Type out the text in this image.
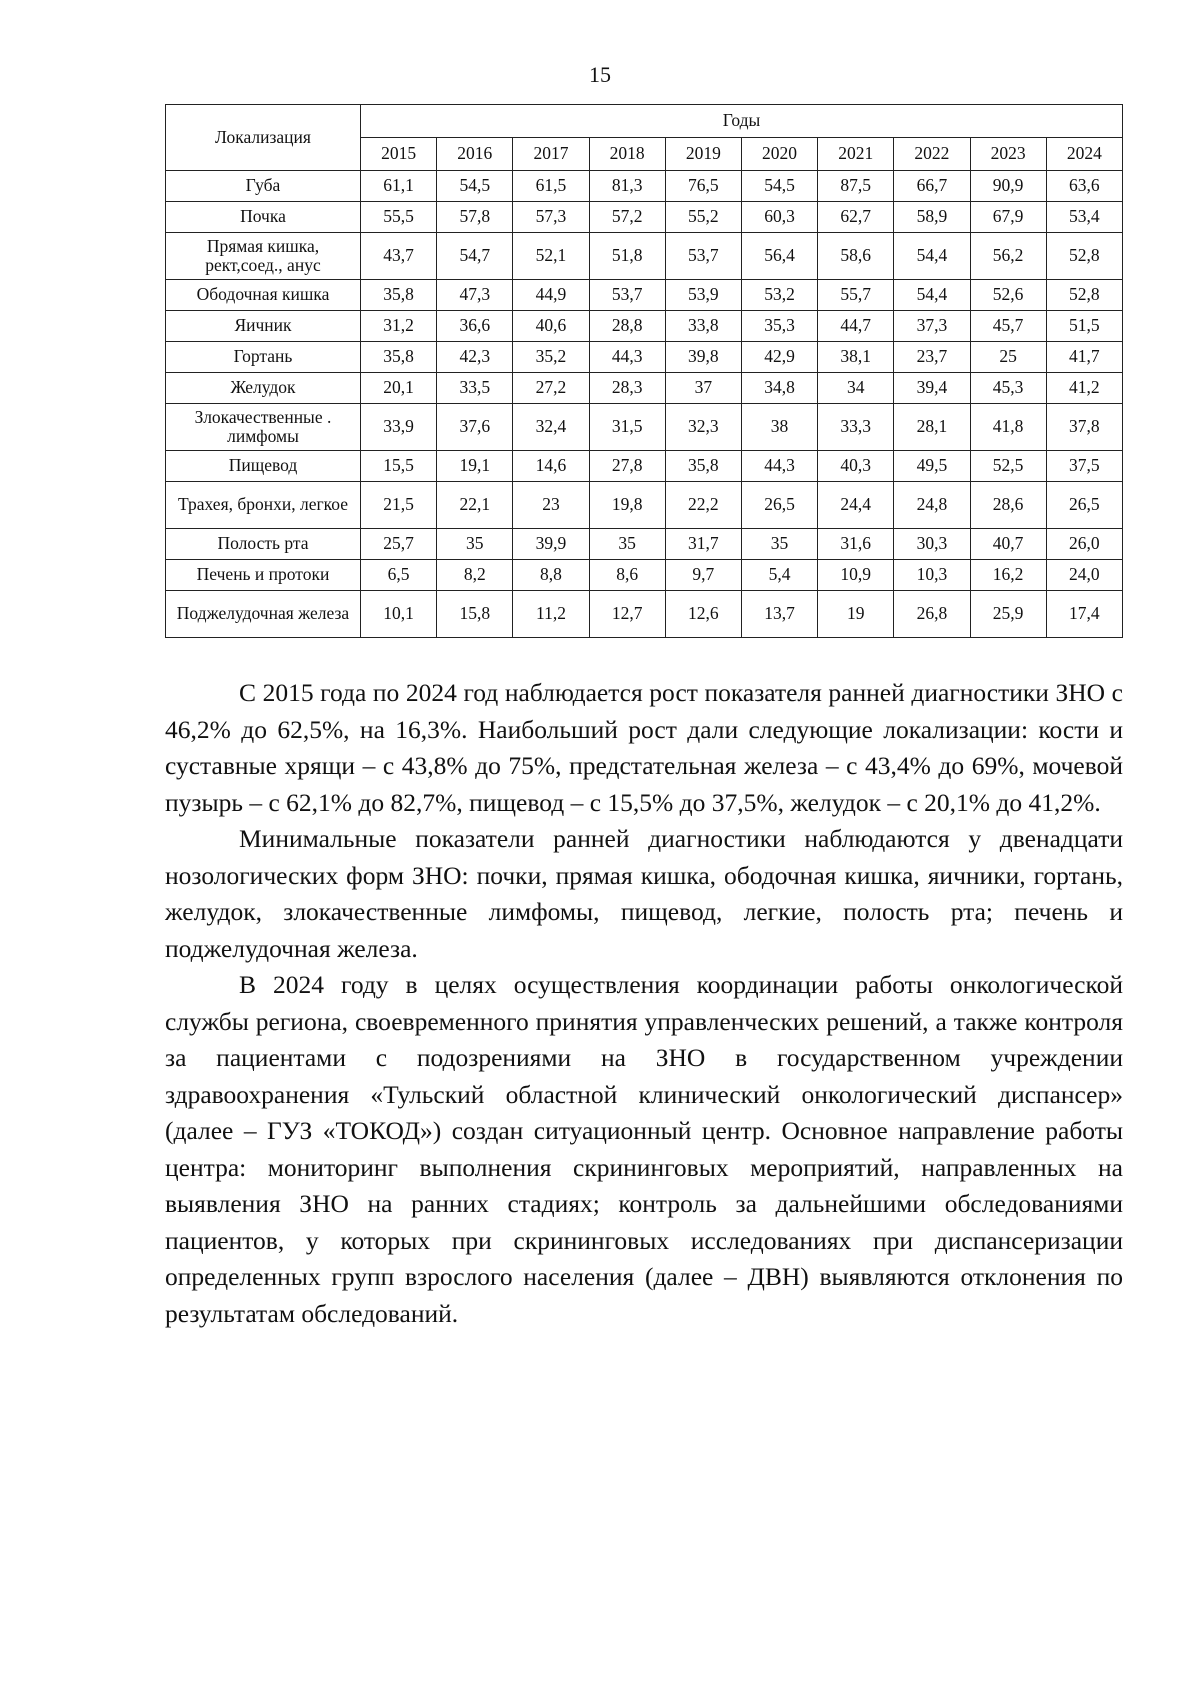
15
Локализация	Годы									
	2015	2016	2017	2018	2019	2020	2021	2022	2023	2024
Губа	61,1	54,5	61,5	81,3	76,5	54,5	87,5	66,7	90,9	63,6
Почка	55,5	57,8	57,3	57,2	55,2	60,3	62,7	58,9	67,9	53,4
Прямая кишка, рект,соед., анус	43,7	54,7	52,1	51,8	53,7	56,4	58,6	54,4	56,2	52,8
Ободочная кишка	35,8	47,3	44,9	53,7	53,9	53,2	55,7	54,4	52,6	52,8
Яичник	31,2	36,6	40,6	28,8	33,8	35,3	44,7	37,3	45,7	51,5
Гортань	35,8	42,3	35,2	44,3	39,8	42,9	38,1	23,7	25	41,7
Желудок	20,1	33,5	27,2	28,3	37	34,8	34	39,4	45,3	41,2
Злокачественные . лимфомы	33,9	37,6	32,4	31,5	32,3	38	33,3	28,1	41,8	37,8
Пищевод	15,5	19,1	14,6	27,8	35,8	44,3	40,3	49,5	52,5	37,5
Трахея, бронхи, легкое	21,5	22,1	23	19,8	22,2	26,5	24,4	24,8	28,6	26,5
Полость рта	25,7	35	39,9	35	31,7	35	31,6	30,3	40,7	26,0
Печень и протоки	6,5	8,2	8,8	8,6	9,7	5,4	10,9	10,3	16,2	24,0
Поджелудочная железа	10,1	15,8	11,2	12,7	12,6	13,7	19	26,8	25,9	17,4

С 2015 года по 2024 год наблюдается рост показателя ранней диагностики ЗНО с 46,2% до 62,5%, на 16,3%. Наибольший рост дали следующие локализации: кости и суставные хрящи – с 43,8% до 75%, предстательная железа – с 43,4% до 69%, мочевой пузырь – с 62,1% до 82,7%, пищевод – с 15,5% до 37,5%, желудок – с 20,1% до 41,2%.

Минимальные показатели ранней диагностики наблюдаются у двенадцати нозологических форм ЗНО: почки, прямая кишка, ободочная кишка, яичники, гортань, желудок, злокачественные лимфомы, пищевод, легкие, полость рта; печень и поджелудочная железа.

В 2024 году в целях осуществления координации работы онкологической службы региона, своевременного принятия управленческих решений, а также контроля за пациентами с подозрениями на ЗНО в государственном учреждении здравоохранения «Тульский областной клинический онкологический диспансер» (далее – ГУЗ «ТОКОД») создан ситуационный центр. Основное направление работы центра: мониторинг выполнения скрининговых мероприятий, направленных на выявления ЗНО на ранних стадиях; контроль за дальнейшими обследованиями пациентов, у которых при скрининговых исследованиях при диспансеризации определенных групп взрослого населения (далее – ДВН) выявляются отклонения по результатам обследований.
